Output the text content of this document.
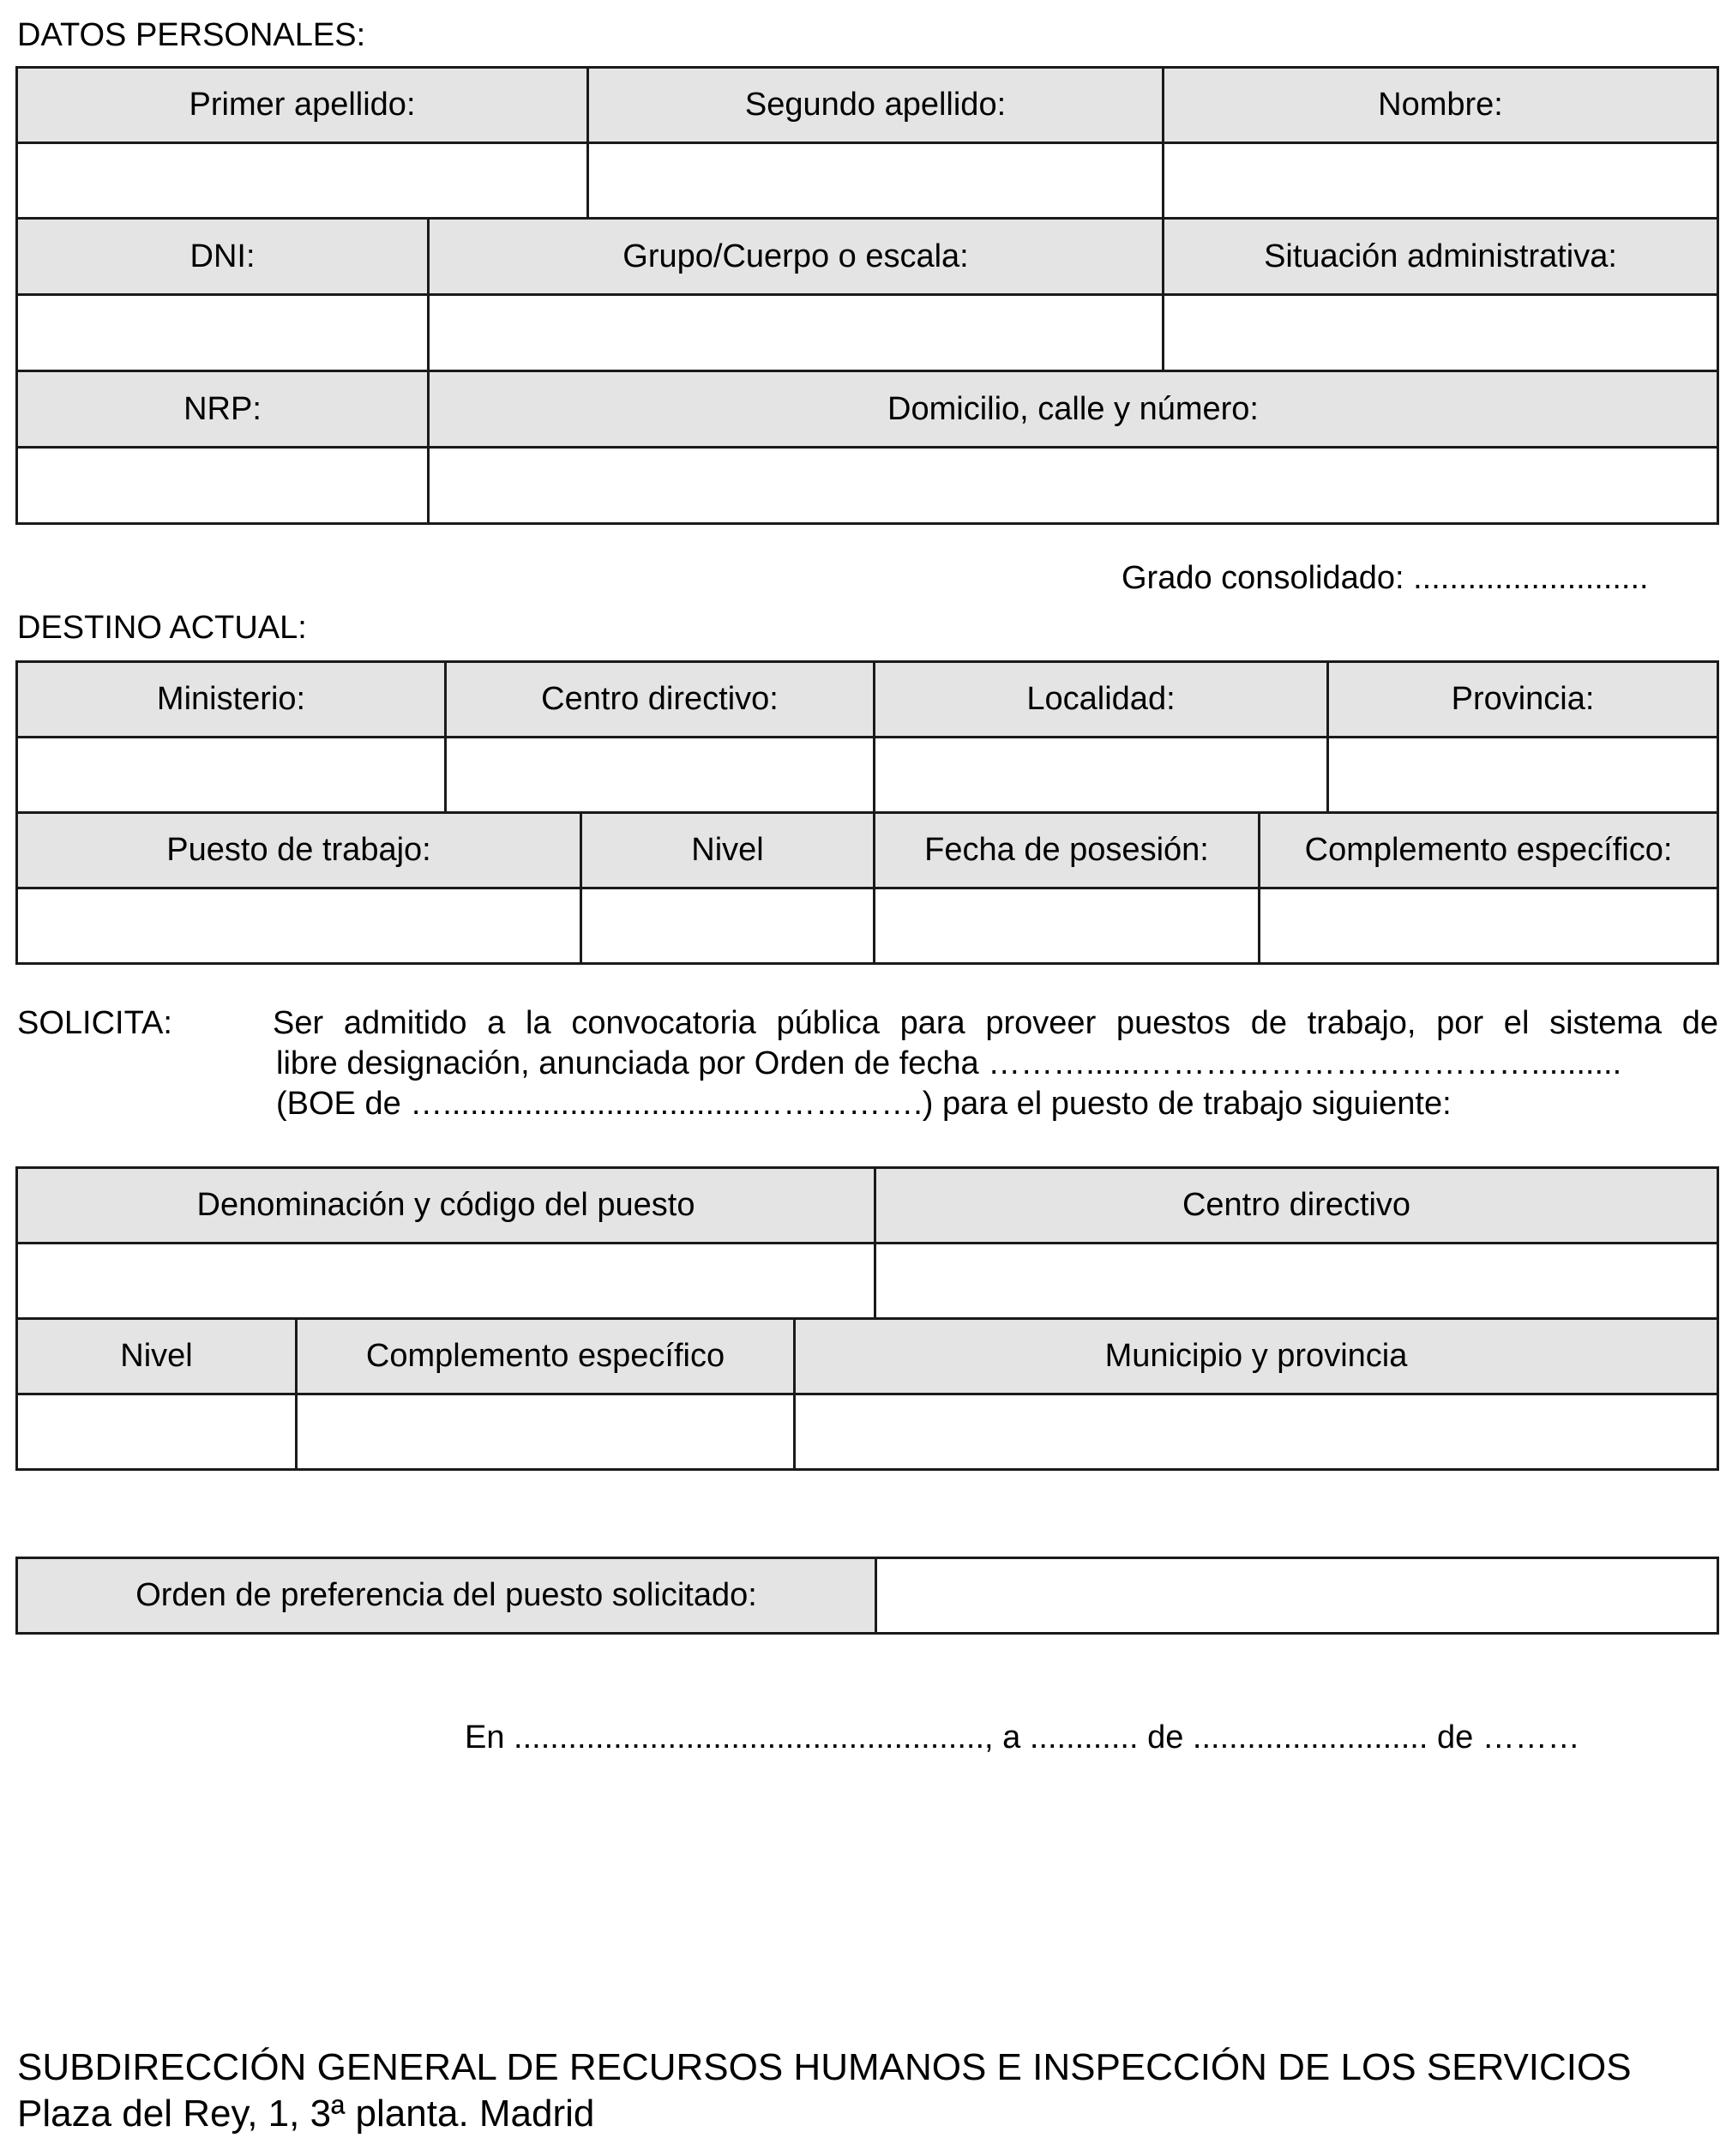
DATOS PERSONALES:
Primer apellido:		Segundo apellido:	Nombre:

DNI:	Grupo/Cuerpo o escala:		Situación administrativa:

NRP:	Domicilio, calle y número:		

Grado consolidado: ..........................
DESTINO ACTUAL:
Ministerio:	Centro directivo:		Localidad:		Provincia:

Puesto de trabajo:		Nivel	Fecha de posesión:	Complemento específico:	

SOLICITA:	Ser admitido a la convocatoria pública para proveer puestos de trabajo, por el sistema de
libre designación, anunciada por Orden de fecha ………......………………………………..........
(BOE de …..................................…………….) para el puesto de trabajo siguiente:
Denominación y código del puesto			Centro directivo

Nivel	Complemento específico	Municipio y provincia	

Orden de preferencia del puesto solicitado:	
En ...................................................., a ............ de .......................... de ………
SUBDIRECCIÓN GENERAL DE RECURSOS HUMANOS E INSPECCIÓN DE LOS SERVICIOS
Plaza del Rey, 1, 3ª planta. Madrid
